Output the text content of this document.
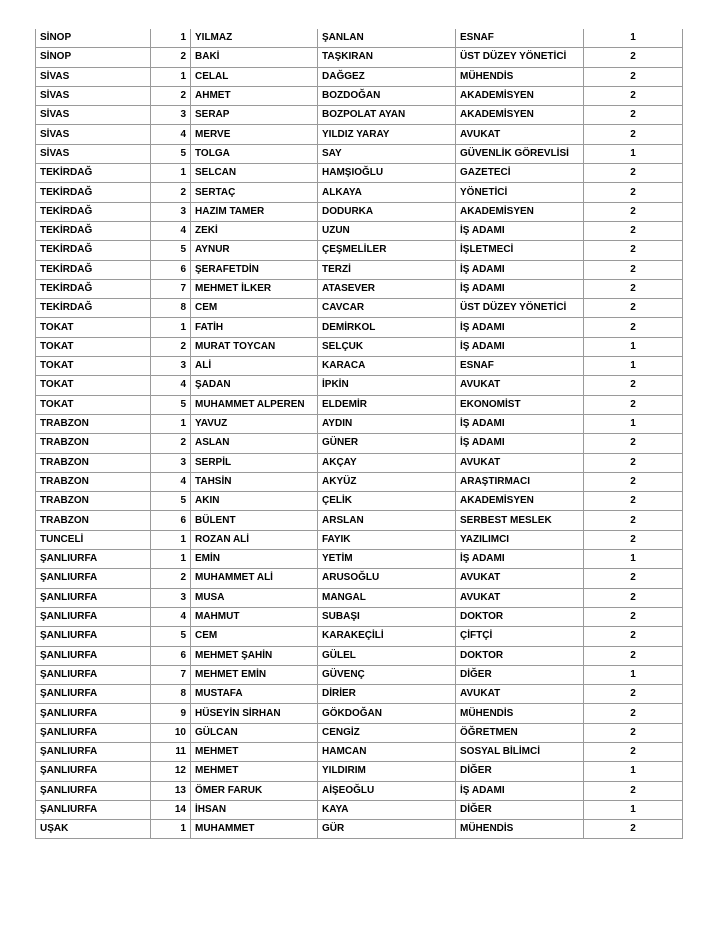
SİNOP	1	YILMAZ	ŞANLAN	ESNAF	1
SİNOP	2	BAKİ	TAŞKIRAN	ÜST DÜZEY YÖNETİCİ	2
SİVAS	1	CELAL	DAĞGEZ	MÜHENDİS	2
SİVAS	2	AHMET	BOZDOĞAN	AKADEMİSYEN	2
SİVAS	3	SERAP	BOZPOLAT AYAN	AKADEMİSYEN	2
SİVAS	4	MERVE	YILDIZ YARAY	AVUKAT	2
SİVAS	5	TOLGA	SAY	GÜVENLİK GÖREVLİSİ	1
TEKİRDAĞ	1	SELCAN	HAMŞIOĞLU	GAZETECİ	2
TEKİRDAĞ	2	SERTAÇ	ALKAYA	YÖNETİCİ	2
TEKİRDAĞ	3	HAZIM TAMER	DODURKA	AKADEMİSYEN	2
TEKİRDAĞ	4	ZEKİ	UZUN	İŞ ADAMI	2
TEKİRDAĞ	5	AYNUR	ÇEŞMELİLER	İŞLETMECİ	2
TEKİRDAĞ	6	ŞERAFETDİN	TERZİ	İŞ ADAMI	2
TEKİRDAĞ	7	MEHMET İLKER	ATASEVER	İŞ ADAMI	2
TEKİRDAĞ	8	CEM	CAVCAR	ÜST DÜZEY YÖNETİCİ	2
TOKAT	1	FATİH	DEMİRKOL	İŞ ADAMI	2
TOKAT	2	MURAT TOYCAN	SELÇUK	İŞ ADAMI	1
TOKAT	3	ALİ	KARACA	ESNAF	1
TOKAT	4	ŞADAN	İPKİN	AVUKAT	2
TOKAT	5	MUHAMMET ALPEREN	ELDEMİR	EKONOMİST	2
TRABZON	1	YAVUZ	AYDIN	İŞ ADAMI	1
TRABZON	2	ASLAN	GÜNER	İŞ ADAMI	2
TRABZON	3	SERPİL	AKÇAY	AVUKAT	2
TRABZON	4	TAHSİN	AKYÜZ	ARAŞTIRMACI	2
TRABZON	5	AKIN	ÇELİK	AKADEMİSYEN	2
TRABZON	6	BÜLENT	ARSLAN	SERBEST MESLEK	2
TUNCELİ	1	ROZAN ALİ	FAYIK	YAZILIMCI	2
ŞANLIURFA	1	EMİN	YETİM	İŞ ADAMI	1
ŞANLIURFA	2	MUHAMMET ALİ	ARUSOĞLU	AVUKAT	2
ŞANLIURFA	3	MUSA	MANGAL	AVUKAT	2
ŞANLIURFA	4	MAHMUT	SUBAŞI	DOKTOR	2
ŞANLIURFA	5	CEM	KARAKEÇİLİ	ÇİFTÇİ	2
ŞANLIURFA	6	MEHMET ŞAHİN	GÜLEL	DOKTOR	2
ŞANLIURFA	7	MEHMET EMİN	GÜVENÇ	DİĞER	1
ŞANLIURFA	8	MUSTAFA	DİRİER	AVUKAT	2
ŞANLIURFA	9	HÜSEYİN SİRHAN	GÖKDOĞAN	MÜHENDİS	2
ŞANLIURFA	10	GÜLCAN	CENGİZ	ÖĞRETMEN	2
ŞANLIURFA	11	MEHMET	HAMCAN	SOSYAL BİLİMCİ	2
ŞANLIURFA	12	MEHMET	YILDIRIM	DİĞER	1
ŞANLIURFA	13	ÖMER FARUK	AİŞEOĞLU	İŞ ADAMI	2
ŞANLIURFA	14	İHSAN	KAYA	DİĞER	1
UŞAK	1	MUHAMMET	GÜR	MÜHENDİS	2
